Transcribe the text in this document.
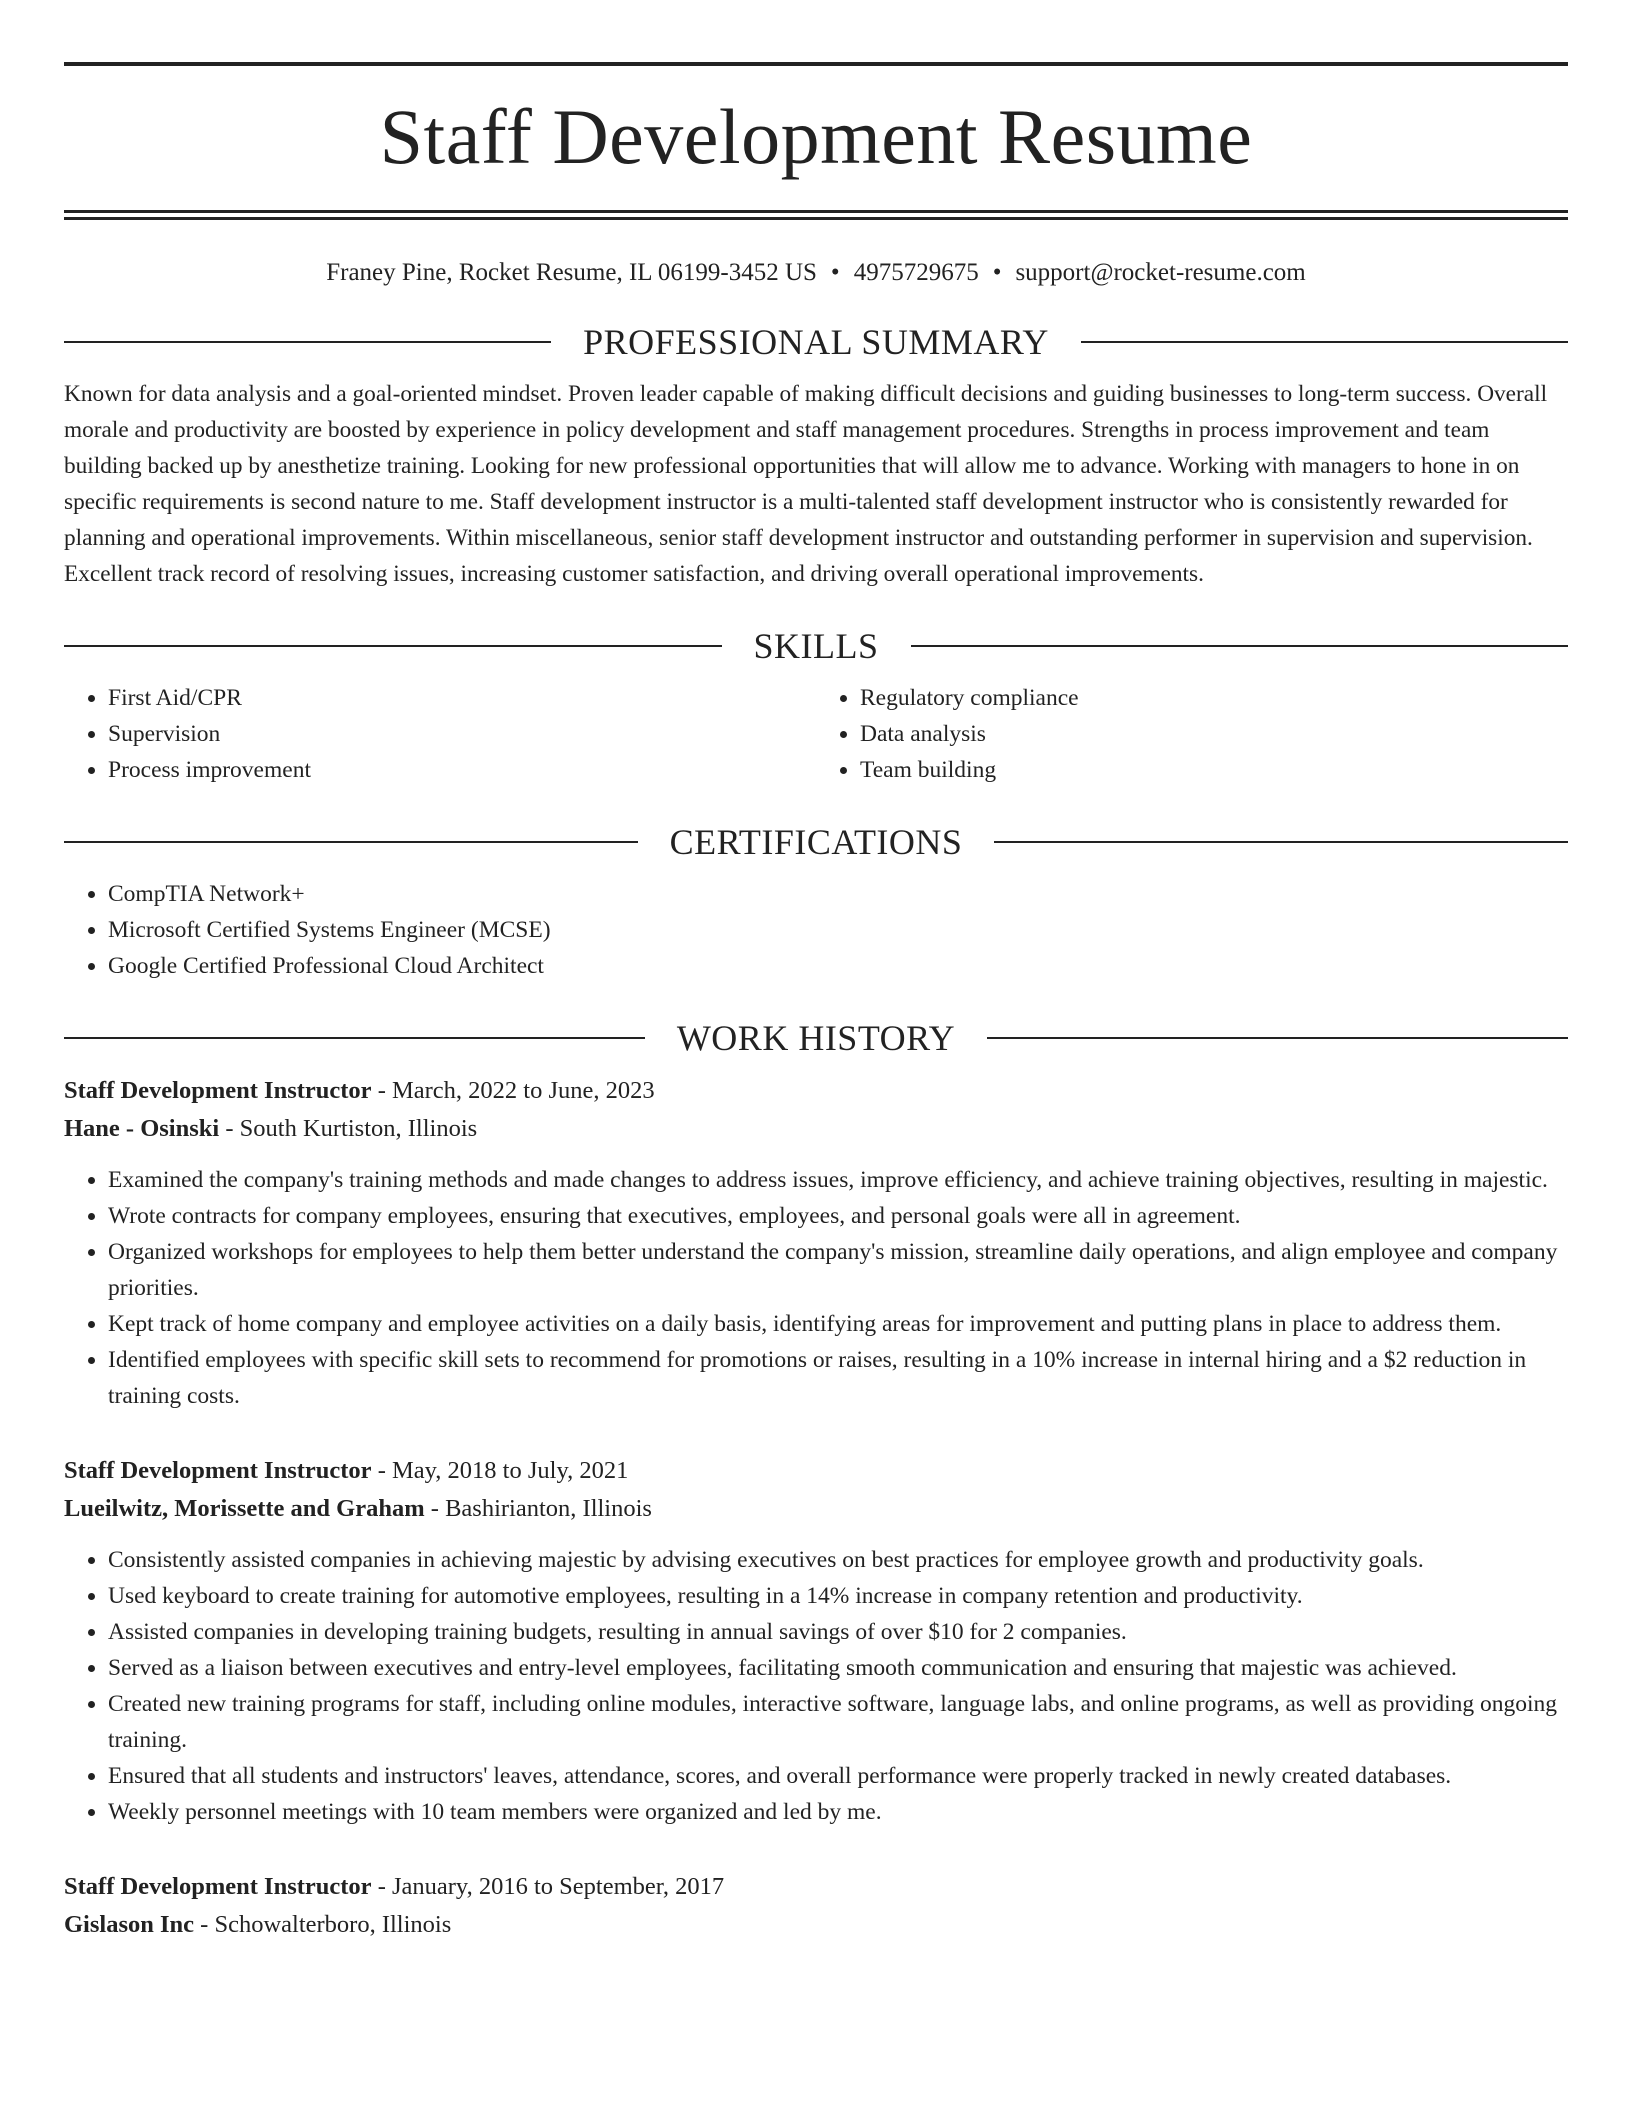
Staff Development Resume
Franey Pine, Rocket Resume, IL 06199-3452 US • 4975729675 • support@rocket-resume.com
PROFESSIONAL SUMMARY

Known for data analysis and a goal-oriented mindset. Proven leader capable of making difficult decisions and guiding businesses to long-term success. Overall morale and productivity are boosted by experience in policy development and staff management procedures. Strengths in process improvement and team building backed up by anesthetize training. Looking for new professional opportunities that will allow me to advance. Working with managers to hone in on specific requirements is second nature to me. Staff development instructor is a multi-talented staff development instructor who is consistently rewarded for planning and operational improvements. Within miscellaneous, senior staff development instructor and outstanding performer in supervision and supervision. Excellent track record of resolving issues, increasing customer satisfaction, and driving overall operational improvements.

SKILLS
• First Aid/CPR
• Supervision
• Process improvement
• Regulatory compliance
• Data analysis
• Team building
CERTIFICATIONS
• CompTIA Network+
• Microsoft Certified Systems Engineer (MCSE)
• Google Certified Professional Cloud Architect
WORK HISTORY
Staff Development Instructor - March, 2022 to June, 2023
Hane - Osinski - South Kurtiston, Illinois
• Examined the company's training methods and made changes to address issues, improve efficiency, and achieve training objectives, resulting in majestic.
• Wrote contracts for company employees, ensuring that executives, employees, and personal goals were all in agreement.
• Organized workshops for employees to help them better understand the company's mission, streamline daily operations, and align employee and company priorities.
• Kept track of home company and employee activities on a daily basis, identifying areas for improvement and putting plans in place to address them.
• Identified employees with specific skill sets to recommend for promotions or raises, resulting in a 10% increase in internal hiring and a $2 reduction in training costs.
Staff Development Instructor - May, 2018 to July, 2021
Lueilwitz, Morissette and Graham - Bashirianton, Illinois
• Consistently assisted companies in achieving majestic by advising executives on best practices for employee growth and productivity goals.
• Used keyboard to create training for automotive employees, resulting in a 14% increase in company retention and productivity.
• Assisted companies in developing training budgets, resulting in annual savings of over $10 for 2 companies.
• Served as a liaison between executives and entry-level employees, facilitating smooth communication and ensuring that majestic was achieved.
• Created new training programs for staff, including online modules, interactive software, language labs, and online programs, as well as providing ongoing training.
• Ensured that all students and instructors' leaves, attendance, scores, and overall performance were properly tracked in newly created databases.
• Weekly personnel meetings with 10 team members were organized and led by me.
Staff Development Instructor - January, 2016 to September, 2017
Gislason Inc - Schowalterboro, Illinois
